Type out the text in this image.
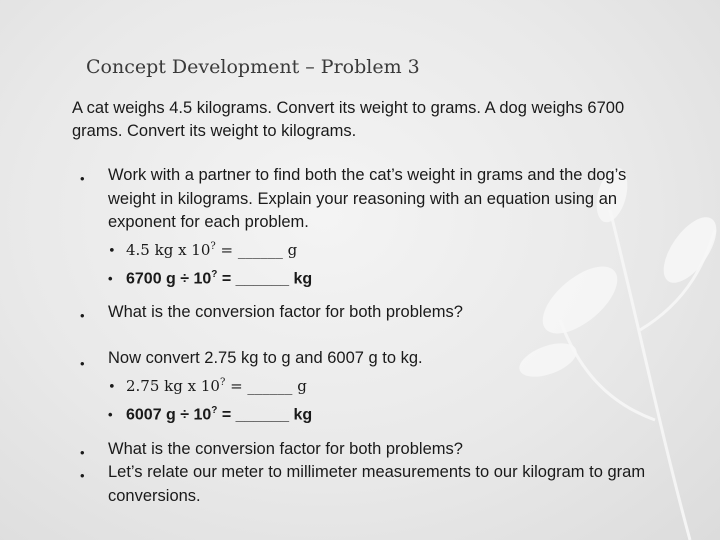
Concept Development – Problem 3
A cat weighs 4.5 kilograms. Convert its weight to grams. A dog weighs 6700 grams. Convert its weight to kilograms.
• Work with a partner to find both the cat’s weight in grams and the dog’s weight in kilograms. Explain your reasoning with an equation using an exponent for each problem.
• 4.5 kg x 10? = ______ g
• 6700 g ÷ 10? = ______ kg
• What is the conversion factor for both problems?
• Now convert 2.75 kg to g and 6007 g to kg.
• 2.75 kg x 10? = ______ g
• 6007 g ÷ 10? = ______ kg
• What is the conversion factor for both problems?
• Let’s relate our meter to millimeter measurements to our kilogram to gram conversions.
